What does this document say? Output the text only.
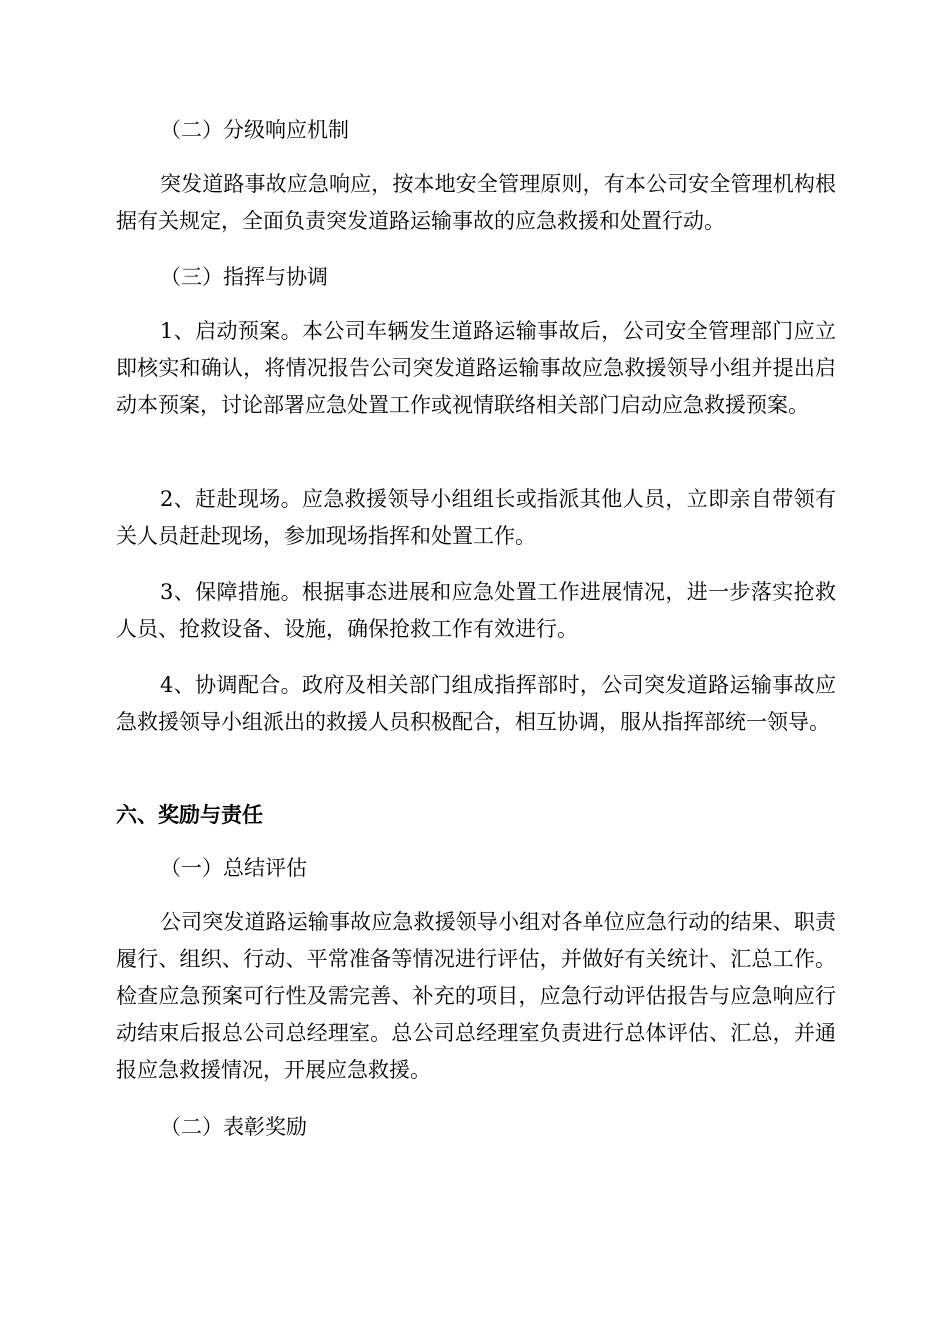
（二）分级响应机制

突发道路事故应急响应，按本地安全管理原则，有本公司安全管理机构根据有关规定，全面负责突发道路运输事故的应急救援和处置行动。

（三）指挥与协调

1、启动预案。本公司车辆发生道路运输事故后，公司安全管理部门应立即核实和确认，将情况报告公司突发道路运输事故应急救援领导小组并提出启动本预案，讨论部署应急处置工作或视情联络相关部门启动应急救援预案。

2、赶赴现场。应急救援领导小组组长或指派其他人员，立即亲自带领有关人员赶赴现场，参加现场指挥和处置工作。

3、保障措施。根据事态进展和应急处置工作进展情况，进一步落实抢救人员、抢救设备、设施，确保抢救工作有效进行。

4、协调配合。政府及相关部门组成指挥部时，公司突发道路运输事故应急救援领导小组派出的救援人员积极配合，相互协调，服从指挥部统一领导。

六、奖励与责任

（一）总结评估

公司突发道路运输事故应急救援领导小组对各单位应急行动的结果、职责履行、组织、行动、平常准备等情况进行评估，并做好有关统计、汇总工作。检查应急预案可行性及需完善、补充的项目，应急行动评估报告与应急响应行动结束后报总公司总经理室。总公司总经理室负责进行总体评估、汇总，并通报应急救援情况，开展应急救援。

（二）表彰奖励
